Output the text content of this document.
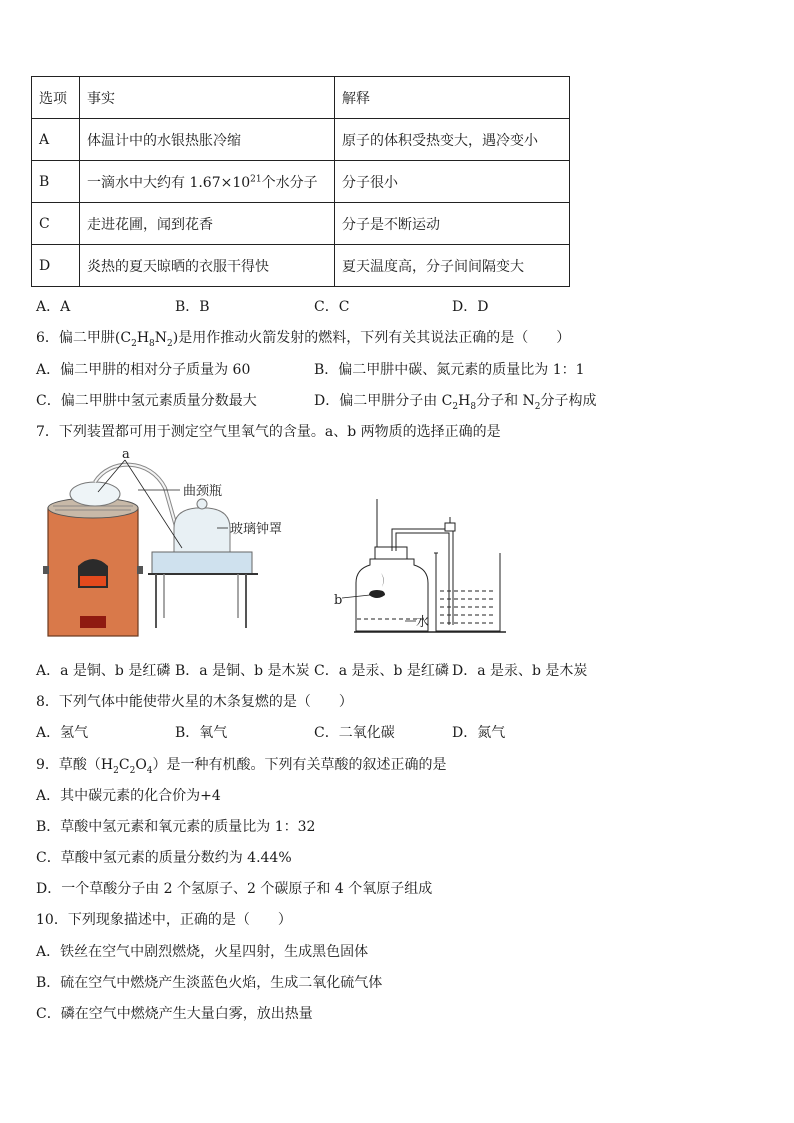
选项	事实	解释
A	体温计中的水银热胀冷缩	原子的体积受热变大，遇冷变小
B	一滴水中大约有 $1.67\times 10^{21}$个水分子	分子很小
C	走进花圃，闻到花香	分子是不断运动
D	炎热的夏天晾晒的衣服干得快	夏天温度高，分子间间隔变大
A．A	B．B	C．C	D．D
6．偏二甲肼$(C_2H_8N_2)$是用作推动火箭发射的燃料，下列有关其说法正确的是（　　）
A．偏二甲肼的相对分子质量为 60	B．偏二甲肼中碳、氮元素的质量比为 1：1
C．偏二甲肼中氢元素质量分数最大	D．偏二甲肼分子由 $C_2H_8$分子和 $N_2$分子构成
7．下列装置都可用于测定空气里氧气的含量。a、b 两物质的选择正确的是
a
曲颈瓶
玻璃钟罩
b
水
A．a 是铜、b 是红磷 B．a 是铜、b 是木炭 C．a 是汞、b 是红磷 D．a 是汞、b 是木炭
8．下列气体中能使带火星的木条复燃的是（　　）
A．氢气	B．氧气	C．二氧化碳	D．氮气
9．草酸$(H_2C_2O_4)$是一种有机酸。下列有关草酸的叙述正确的是
A．其中碳元素的化合价为+4
B．草酸中氢元素和氧元素的质量比为 1：32
C．草酸中氢元素的质量分数约为 4.44%
D．一个草酸分子由 2 个氢原子、2 个碳原子和 4 个氧原子组成
10．下列现象描述中，正确的是（　　）
A．铁丝在空气中剧烈燃烧，火星四射，生成黑色固体
B．硫在空气中燃烧产生淡蓝色火焰，生成二氧化硫气体
C．磷在空气中燃烧产生大量白雾，放出热量
